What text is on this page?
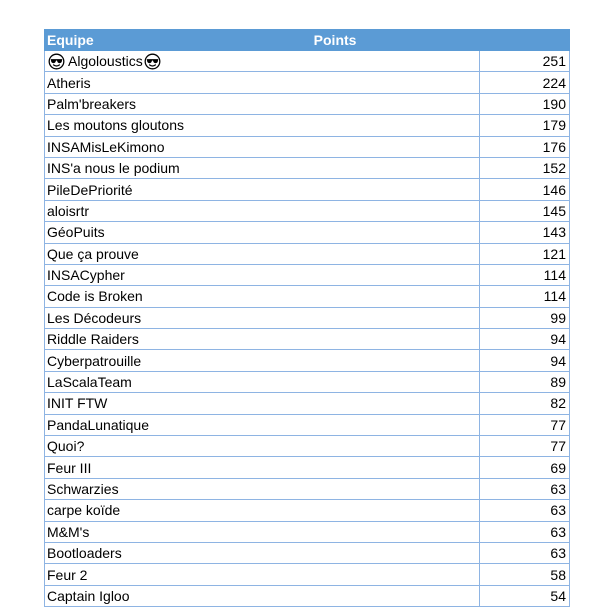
Equipe Points	
Algoloustics	251
Atheris	224
Palm'breakers	190
Les moutons gloutons	179
INSAMisLeKimono	176
INS'a nous le podium	152
PileDePriorité	146
aloisrtr	145
GéoPuits	143
Que ça prouve	121
INSACypher	114
Code is Broken	114
Les Décodeurs	99
Riddle Raiders	94
Cyberpatrouille	94
LaScalaTeam	89
INIT FTW	82
PandaLunatique	77
Quoi?	77
Feur III	69
Schwarzies	63
carpe koïde	63
M&M's	63
Bootloaders	63
Feur 2	58
Captain Igloo	54
